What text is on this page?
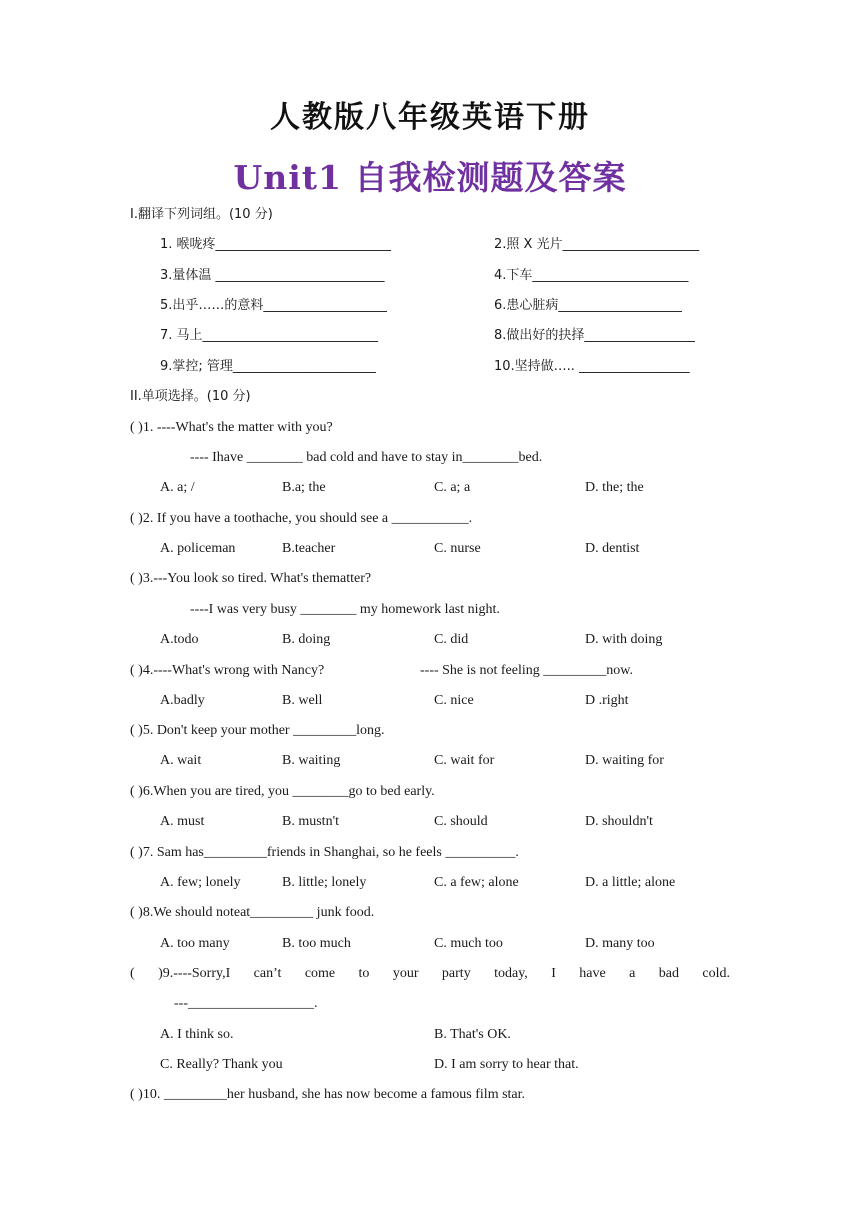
人教版八年级英语下册
Unit1 自我检测题及答案
I.翻译下列词组。(10 分)
1. 喉咙疼___________________________	2.照 X 光片_____________________
3.量体温 __________________________	4.下车________________________
5.出乎……的意料___________________	6.患心脏病___________________
7. 马上___________________________	8.做出好的抉择_________________
9.掌控; 管理______________________	10.坚持做….. _________________
II.单项选择。(10 分)
( )1. ----What's the matter with you?
---- Ihave ________ bad cold and have to stay in________bed.
A. a; /	B.a; the	C. a; a	D. the; the
( )2. If you have a toothache, you should see a ___________.
A. policeman	B.teacher	C. nurse	D. dentist
( )3.---You look so tired. What's thematter?
----I was very busy ________ my homework last night.
A.todo	B. doing	C. did	D. with doing
( )4.----What's wrong with Nancy?	---- She is not feeling _________now.
A.badly	B. well	C. nice	D .right
( )5. Don't keep your mother _________long.
A. wait	B. waiting	C. wait for	D. waiting for
( )6.When you are tired, you ________go to bed early.
A. must	B. mustn't	C. should	D. shouldn't
( )7. Sam has_________friends in Shanghai, so he feels __________.
A. few; lonely	B. little; lonely	C. a few; alone	D. a little; alone
( )8.We should noteat_________ junk food.
A. too many	B. too much	C. much too	D. many too
( )9.----Sorry,I can’t come to your party today, I have a bad cold.
---__________________.
A. I think so.	B. That's OK.
C. Really? Thank you	D. I am sorry to hear that.
( )10. _________her husband, she has now become a famous film star.
